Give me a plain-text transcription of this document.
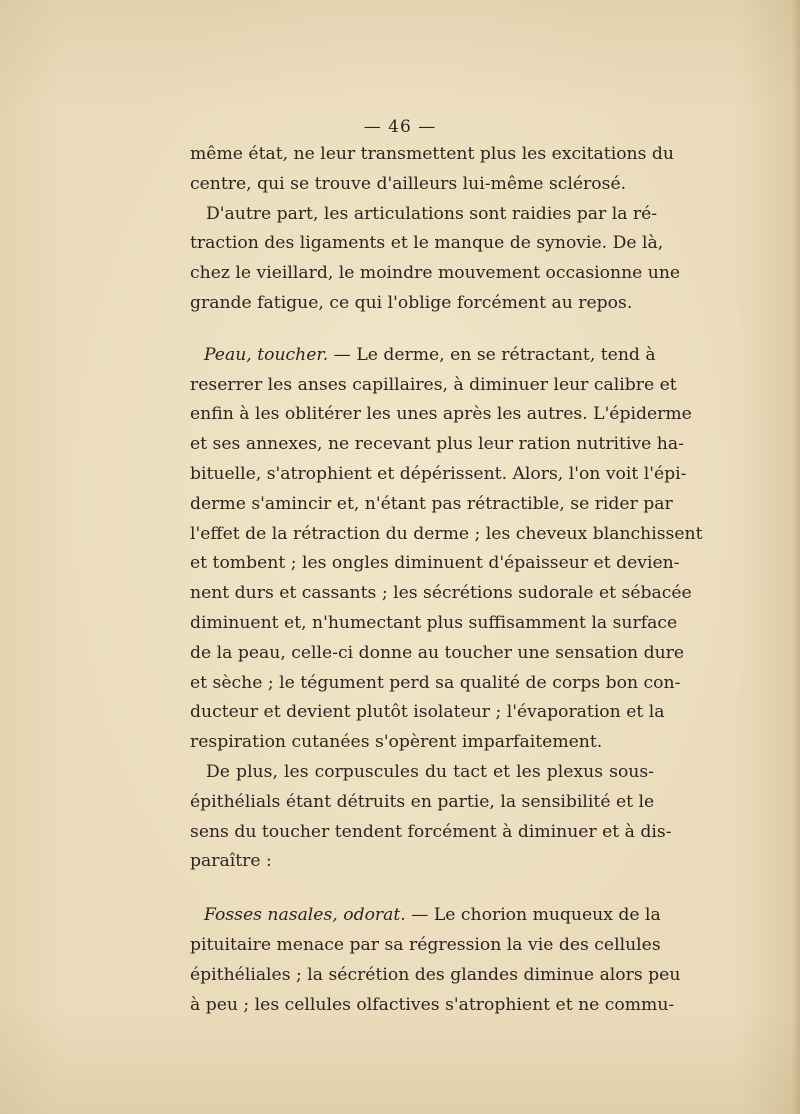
— 46 —
même état, ne leur transmettent plus les excitations du
centre, qui se trouve d'ailleurs lui-même sclérosé.
D'autre part, les articulations sont raidies par la ré-
traction des ligaments et le manque de synovie. De là,
chez le vieillard, le moindre mouvement occasionne une
grande fatigue, ce qui l'oblige forcément au repos.
Peau, toucher. — Le derme, en se rétractant, tend à
reserrer les anses capillaires, à diminuer leur calibre et
enfin à les oblitérer les unes après les autres. L'épiderme
et ses annexes, ne recevant plus leur ration nutritive ha-
bituelle, s'atrophient et dépérissent. Alors, l'on voit l'épi-
derme s'amincir et, n'étant pas rétractible, se rider par
l'effet de la rétraction du derme ; les cheveux blanchissent
et tombent ; les ongles diminuent d'épaisseur et devien-
nent durs et cassants ; les sécrétions sudorale et sébacée
diminuent et, n'humectant plus suffisamment la surface
de la peau, celle-ci donne au toucher une sensation dure
et sèche ; le tégument perd sa qualité de corps bon con-
ducteur et devient plutôt isolateur ; l'évaporation et la
respiration cutanées s'opèrent imparfaitement.
De plus, les corpuscules du tact et les plexus sous-
épithélials étant détruits en partie, la sensibilité et le
sens du toucher tendent forcément à diminuer et à dis-
paraître :
Fosses nasales, odorat. — Le chorion muqueux de la
pituitaire menace par sa régression la vie des cellules
épithéliales ; la sécrétion des glandes diminue alors peu
à peu ; les cellules olfactives s'atrophient et ne commu-
